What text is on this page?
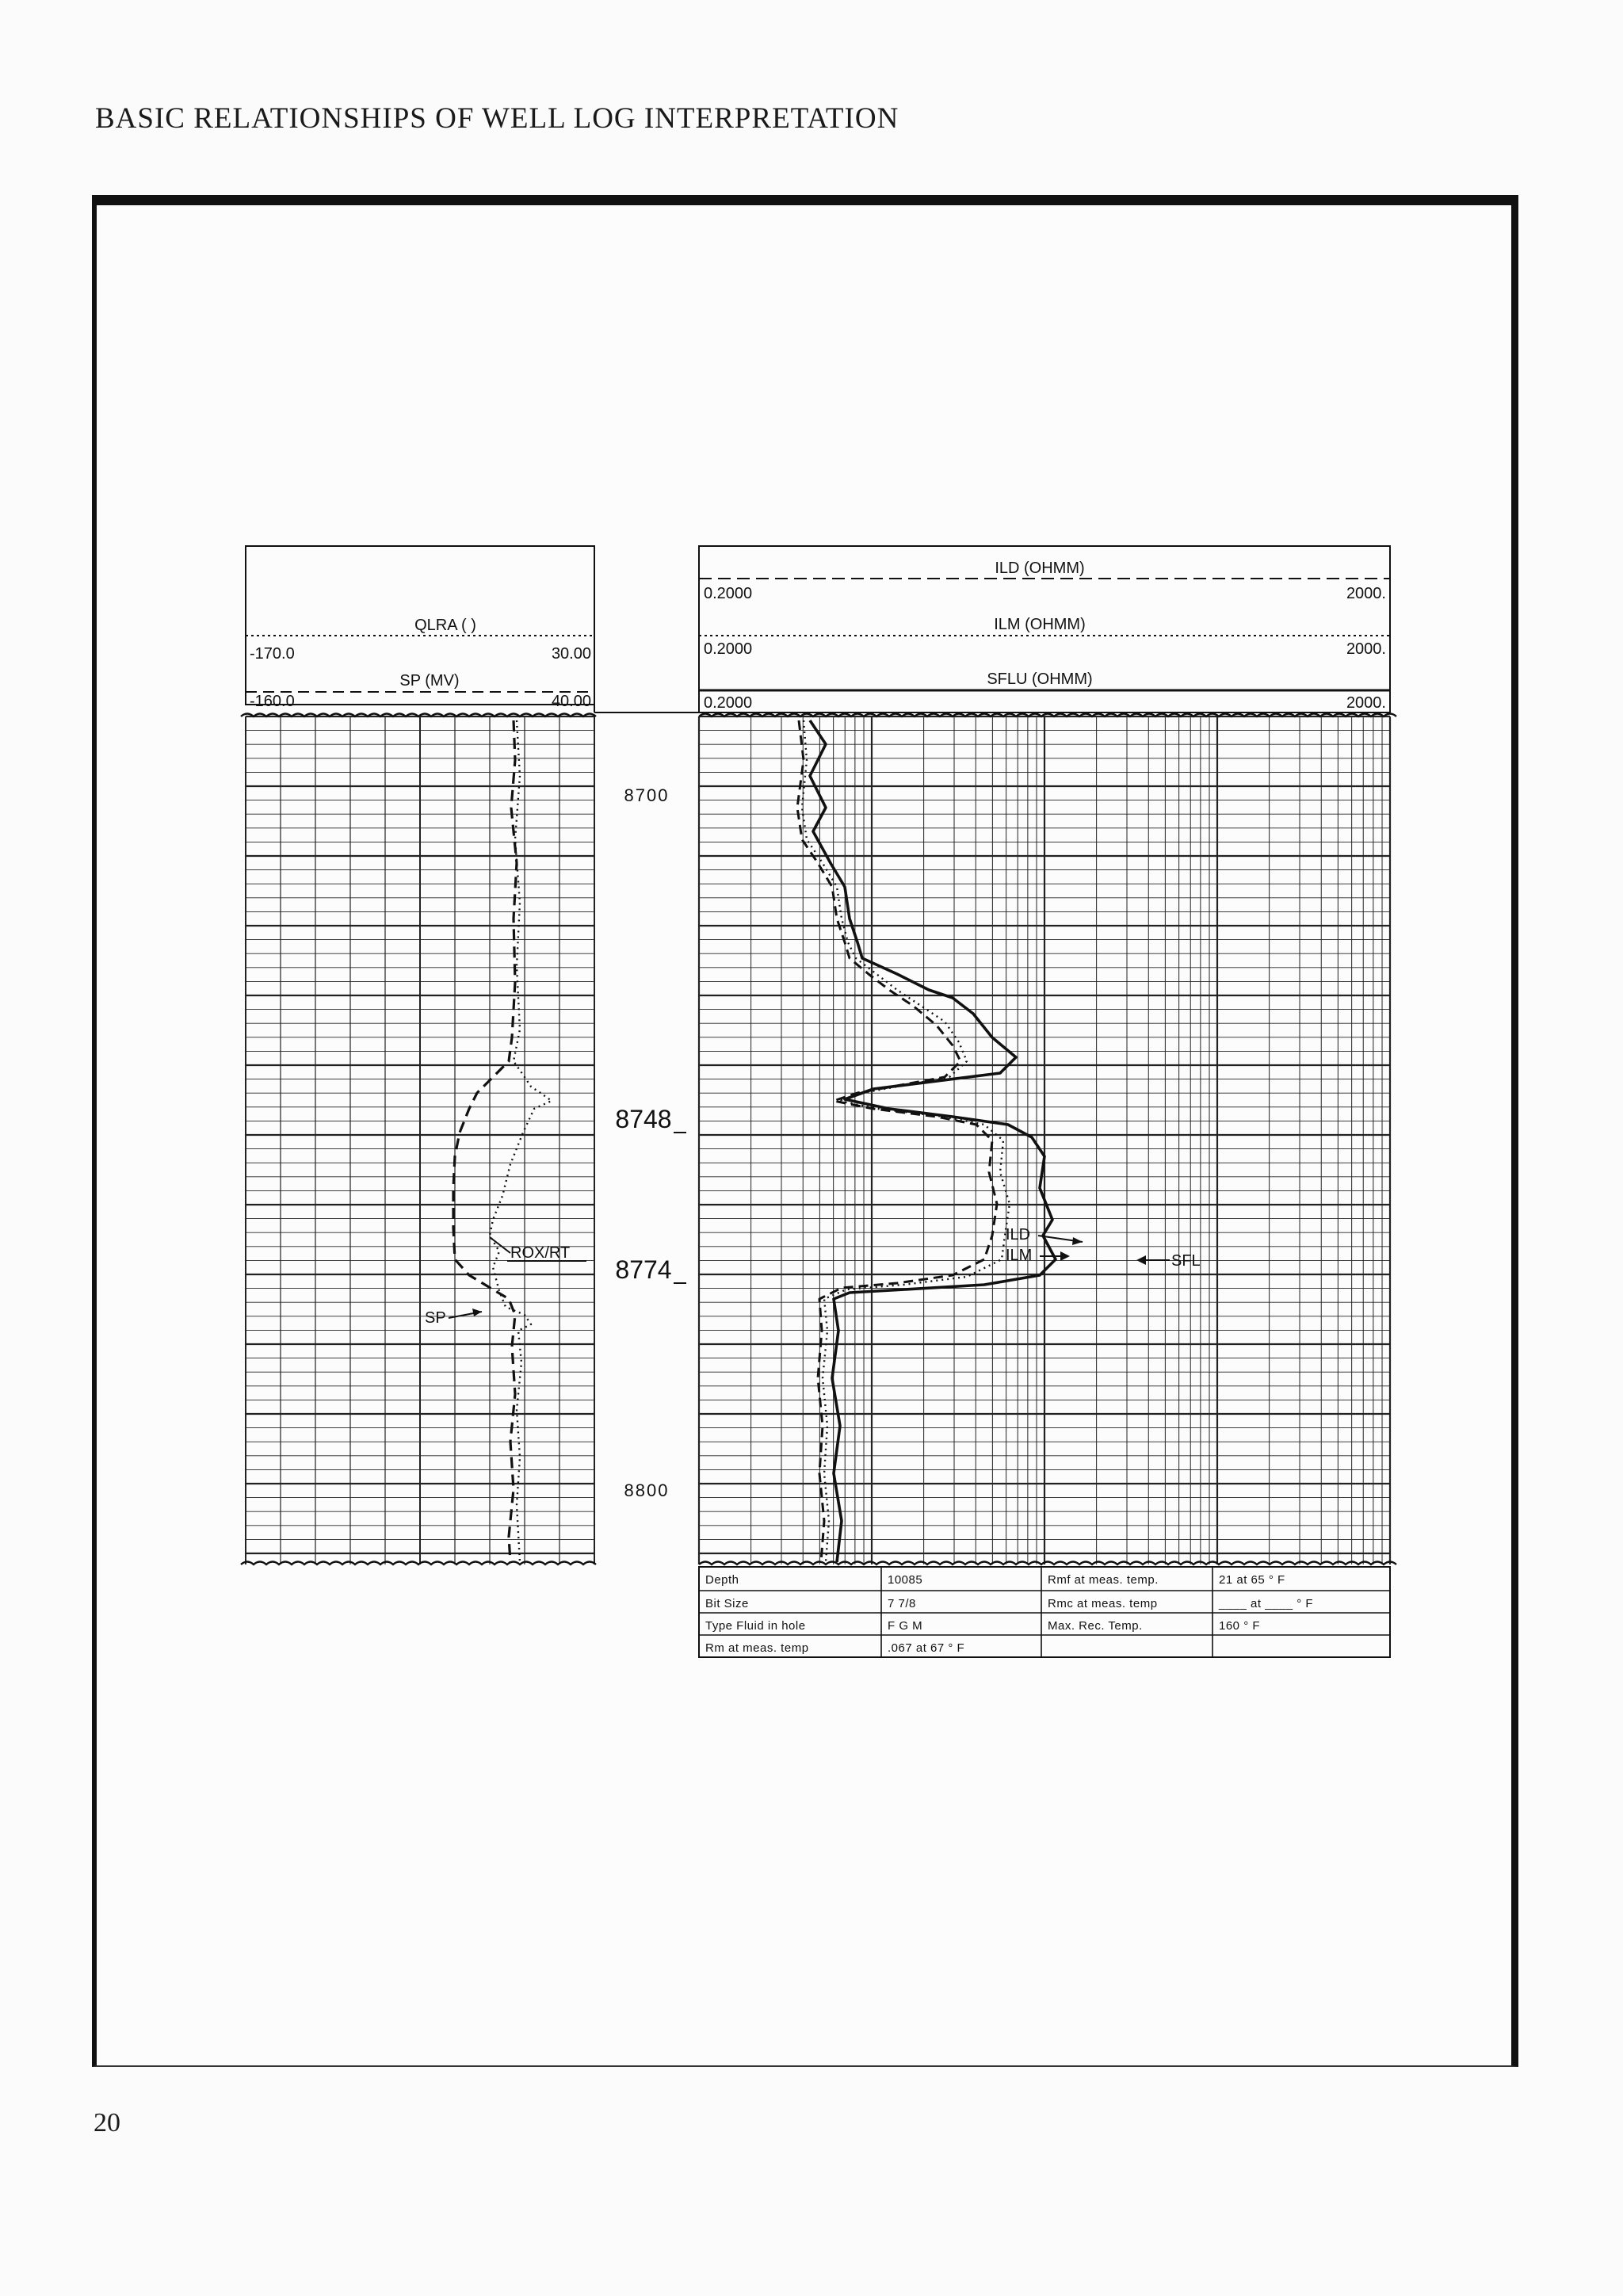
BASIC RELATIONSHIPS OF WELL LOG INTERPRETATION
QLRA ( )
-170.0	30.00
SP (MV)
-160.0	40.00
8700
8748
8774
8800
ILD (OHMM)
0.2000	2000.
ILM (OHMM)
0.2000	2000.
SFLU (OHMM)
0.2000	2000.
ROX/RT
SP
ILD
ILM	SFL
Depth	10085	Rmf at meas. temp.	21 at 65 ° F
Bit Size	7 7/8	Rmc at meas. temp	____ at ____ ° F
Type Fluid in hole	F G M	Max. Rec. Temp.	160 ° F
Rm at meas. temp	.067 at 67 ° F
20
